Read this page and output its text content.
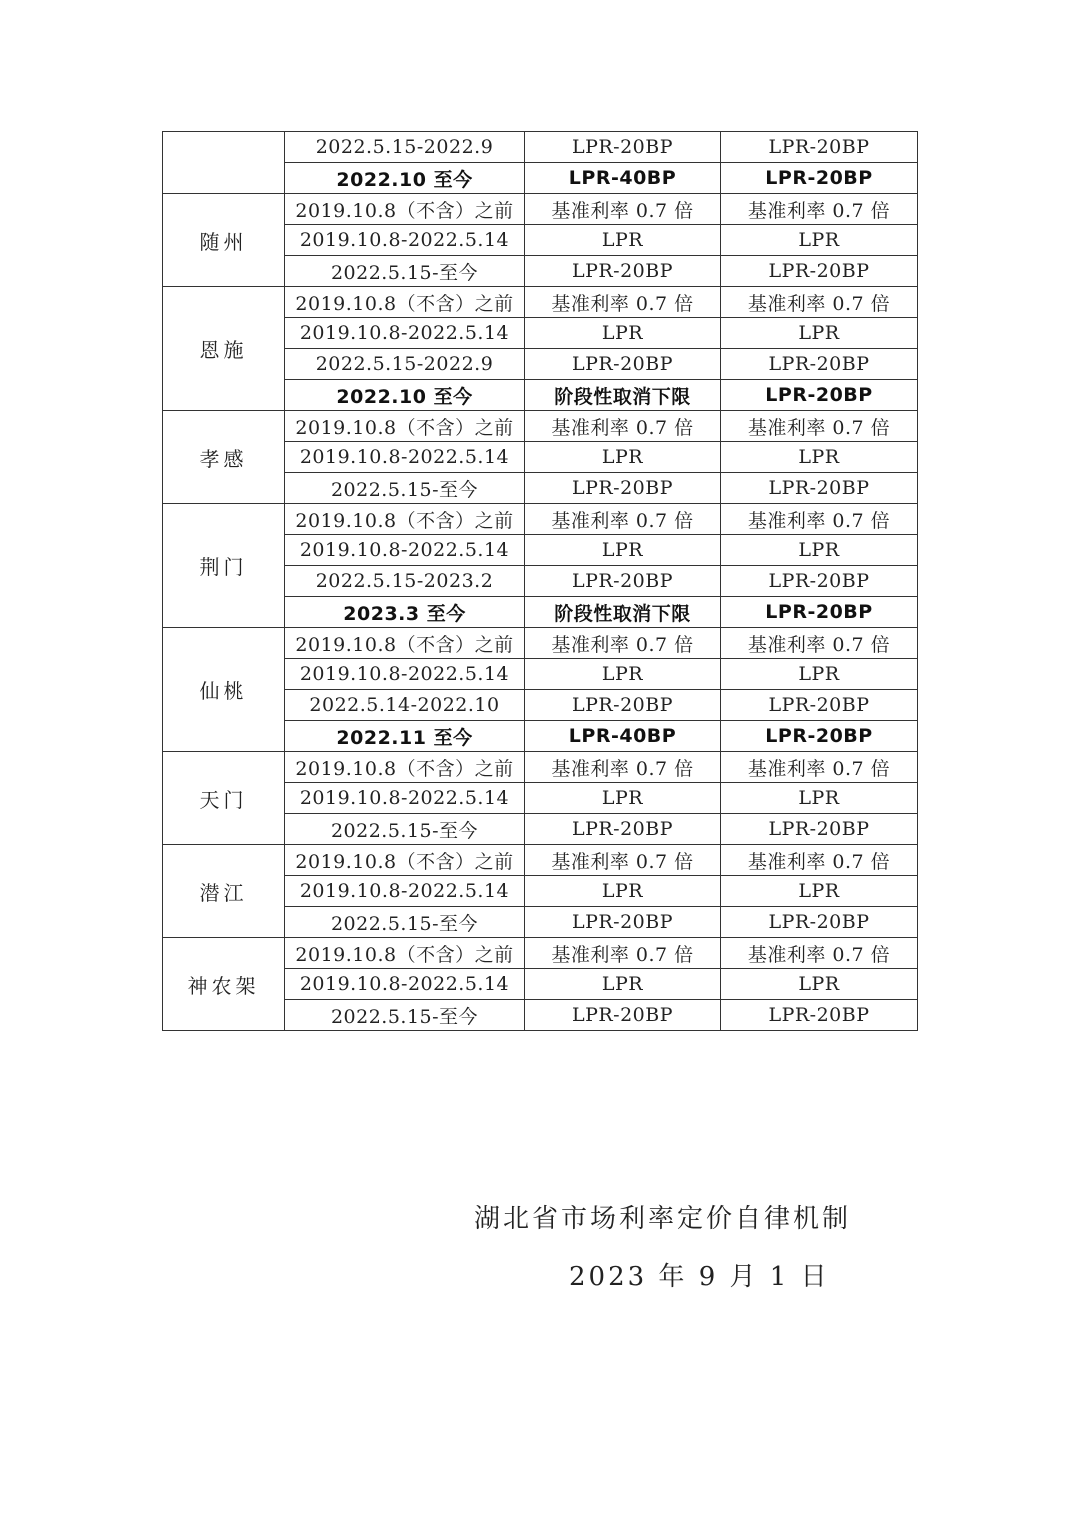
	2022.5.15-2022.9	LPR-20BP	LPR-20BP
	2022.10 至今	LPR-40BP	LPR-20BP
随州	2019.10.8（不含）之前	基准利率 0.7 倍	基准利率 0.7 倍
	2019.10.8-2022.5.14	LPR	LPR
	2022.5.15-至今	LPR-20BP	LPR-20BP
恩施	2019.10.8（不含）之前	基准利率 0.7 倍	基准利率 0.7 倍
	2019.10.8-2022.5.14	LPR	LPR
	2022.5.15-2022.9	LPR-20BP	LPR-20BP
	2022.10 至今	阶段性取消下限	LPR-20BP
孝感	2019.10.8（不含）之前	基准利率 0.7 倍	基准利率 0.7 倍
	2019.10.8-2022.5.14	LPR	LPR
	2022.5.15-至今	LPR-20BP	LPR-20BP
荆门	2019.10.8（不含）之前	基准利率 0.7 倍	基准利率 0.7 倍
	2019.10.8-2022.5.14	LPR	LPR
	2022.5.15-2023.2	LPR-20BP	LPR-20BP
	2023.3 至今	阶段性取消下限	LPR-20BP
仙桃	2019.10.8（不含）之前	基准利率 0.7 倍	基准利率 0.7 倍
	2019.10.8-2022.5.14	LPR	LPR
	2022.5.14-2022.10	LPR-20BP	LPR-20BP
	2022.11 至今	LPR-40BP	LPR-20BP
天门	2019.10.8（不含）之前	基准利率 0.7 倍	基准利率 0.7 倍
	2019.10.8-2022.5.14	LPR	LPR
	2022.5.15-至今	LPR-20BP	LPR-20BP
潜江	2019.10.8（不含）之前	基准利率 0.7 倍	基准利率 0.7 倍
	2019.10.8-2022.5.14	LPR	LPR
	2022.5.15-至今	LPR-20BP	LPR-20BP
神农架	2019.10.8（不含）之前	基准利率 0.7 倍	基准利率 0.7 倍
	2019.10.8-2022.5.14	LPR	LPR
	2022.5.15-至今	LPR-20BP	LPR-20BP
湖北省市场利率定价自律机制
2023 年 9 月 1 日
